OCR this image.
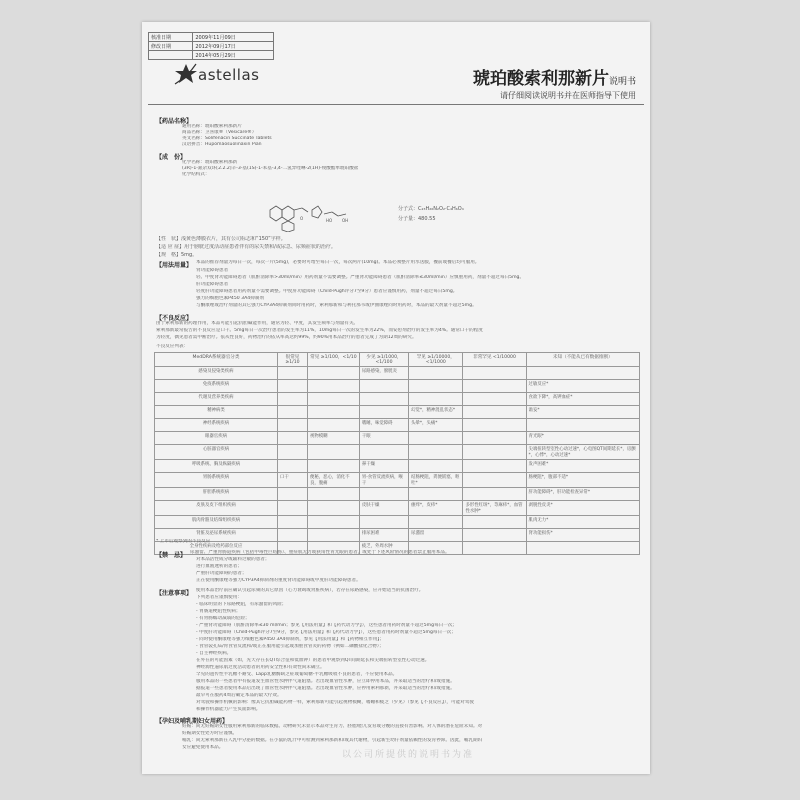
核准日期	2009年11月09日
修改日期	2012年09月17日
	2014年05月29日
astellas	琥珀酸索利那新片说明书
请仔细阅读说明书并在医师指导下使用
【药品名称】
通用名称：琥珀酸索利那新片
商品名称：卫喜康®（Vesicare®）
英文名称：Solifenacin Succinate Tablets
汉语拼音：Hupomaosuolinaxin Pian
【成　份】
化学名称：琥珀酸索利那新
(3R)-1-氮杂双环[2.2.2]辛-3-基(1S)-1-苯基-3,4-二氢异喹啉-2(1H)-羧酸酯单琥珀酸盐
化学结构式：
O	HO OH
分子式：C₂₃H₂₆N₂O₂·C₄H₆O₄
分子量：480.55
【性　状】浅黄色薄膜衣片，其有公司标志和“150”字样。
【适 应 症】用于膀胱过度活动症患者伴有的尿失禁和/或尿急、尿频症状的治疗。
【规　格】5mg。
【用法用量】 本品的推荐剂量为每日一次，每次一片(5mg)，必要时可增至每日一次，每次两片(10mg)。本品必须整片用水送服，餐前或餐后均可服用。
肾功能障碍患者
轻、中度肾功能障碍患者（肌酐清除率>30ml/min）用药剂量不需要调整。严重肾功能障碍患者（肌酐清除率≤30ml/min）应慎重用药，剂量不超过每日5mg。
肝功能障碍患者
轻度肝功能障碍患者用药剂量不需要调整。中度肝功能障碍（Child-Pugh评分7至9分）患者应谨慎用药，剂量不超过每日5mg。
强力的细胞色素P450 3A4抑制剂
与酮康唑或治疗剂量的其它强力CYP3A4抑制剂同时用药时，索利那新和与利托那韦或伊曲康唑同时用药时，本品的最大剂量不超过5mg。
【不良反应】
由于索利那新的药理作用，本品可能引起抗胆碱能作用，通常为轻、中度，其发生频率与剂量有关。
索利那新最常报告的不良反应是口干。5mg每日一次治疗患者的发生率为11%，10mg每日一次的发生率为22%，而安慰剂治疗的发生率为4%。通常口干的程度
为轻度，偶见患者需中断治疗。依从性良好，药物治疗的依从率高达约99%，约90%用本品治疗的患者完成了为期12周的研究。
不良反应列表：
MedDRA系统器官分类	很常见 ≥1/10	常见 ≥1/100，<1/10	少见 ≥1/1000，<1/100	罕见 ≥1/10000，<1/1000	非常罕见 <1/10000	未知（不能从已有数据推断）
感染及侵染类疾病			尿路感染，膀胱炎			
免疫系统疾病						过敏反应*
代谢及营养类疾病						食欲下降*，高钾血症*
精神病类				幻觉*，精神混乱状态*		谵妄*
神经系统疾病			嗜睡，味觉障碍	头晕*，头痛*		
眼器官疾病		视物模糊	干眼			青光眼*
心脏器官疾病						尖端扭转型室性心动过速*，心电图QT间期延长*，房颤*，心悸*，心动过速*
呼吸系统、胸及纵隔疾病			鼻干燥			发声困难*
胃肠系统疾病	口干	便秘，恶心，消化不良，腹痛	胃-食管反流疾病，喉干	结肠梗阻，粪便嵌塞，呕吐*		肠梗阻*，腹部不适*
肝胆系统疾病						肝功能障碍*，肝功能检查异常*
皮肤及皮下组织疾病			皮肤干燥	瘙痒*，皮疹*	多形性红斑*，荨麻疹*，血管性水肿*	剥脱性皮炎*
肌肉骨骼及结缔组织疾病						肌肉无力*
肾脏及泌尿系统疾病			排尿困难	尿潴留		肾功能损伤*
全身性疾病及给药部位反应			疲乏，外周水肿			
* 上市后观察到的不良反应
【禁　忌】 尿潴留、严重胃肠道疾病（包括中毒性巨结肠）、重症肌无力或狭角性青光眼的患者，或处于下述风险情况的患者禁止服用本品。
对本品活性成分或辅料过敏的患者；
进行血液透析的患者；
严重肝功能障碍的患者；
正在使用酮康唑等强力CYP3A4抑制剂的重度肾功能障碍或中度肝功能障碍患者。
【注意事项】 使用本品治疗前应确认引起尿频的其它原因（心力衰竭或肾脏疾病），若存在尿路感染，应开始适当的抗菌治疗。
下列患者应谨慎使用：
- 临床明显的下尿路梗阻，有尿潴留的风险；
- 胃肠道梗阻性疾病；
- 有胃肠蠕动减弱的危险；
- 严重肾功能障碍（肌酐清除率≤30 ml/min；参见【用法用量】和【药代动力学】），这些患者用药时剂量不超过5mg每日一次；
- 中度肝功能障碍（Child-Pugh评分7至9分，参见【用法用量】和【药代动力学】），这些患者用药时剂量不超过5mg每日一次；
- 同时使用酮康唑等强力细胞色素P450 3A4抑制剂，参见【用法用量】和【药物相互作用】；
- 食管裂孔疝/胃食管反流和/或正在服用能引起或加重食管炎的药物（例如二磷酸盐化合物）；
- 自主神经疾病。
在外在的可能因素（如，先天存在长QT综合征和低血钾）的患者中观察到QT间期延长和尖端扭转型室性心动过速。
神经源性逼尿肌过度活动患者的用药安全性和有效性尚未确立。
罕见的遗传性半乳糖不耐受、Lapp乳糖酶缺乏症或葡萄糖-半乳糖吸收不良的患者，不应使用本品。
服用本品的一些患者中有报道发生血管性水肿伴气道阻塞。若出现血管性水肿，应立即停用本品，并采取适当的治疗和/或措施。
据报道一些患者使用本品后出现了血管性水肿伴气道阻塞。若出现血管性水肿，应停用索利那新，并采取适当的治疗和/或措施。
最早可在服药4周后确定本品的最大疗效。
对驾驶和操作机械的影响：像其它抗胆碱能药物一样，索利那新可能引起视物模糊，嗜睡和疲乏（少见）（参见【不良反应】），可能对驾驶
和操作机器能力产生负面影响。
【孕妇及哺乳期妇女用药】
妊娠：尚无妊娠期女性服用索利那新的临床数据。动物研究未显示本品对生育力、胚胎/胎儿发育或分娩的直接有害影响。对人体的潜在危险未知。对
妊娠期女性处方时应谨慎。
哺乳：尚无索利那新在人乳中分泌的数据。在小鼠的乳汁中可检测到索利那新和/或其代谢物，引起新生幼仔剂量依赖性的发育停滞。因此，哺乳期妇
女应避免使用本品。
以公司所提供的说明书为准
